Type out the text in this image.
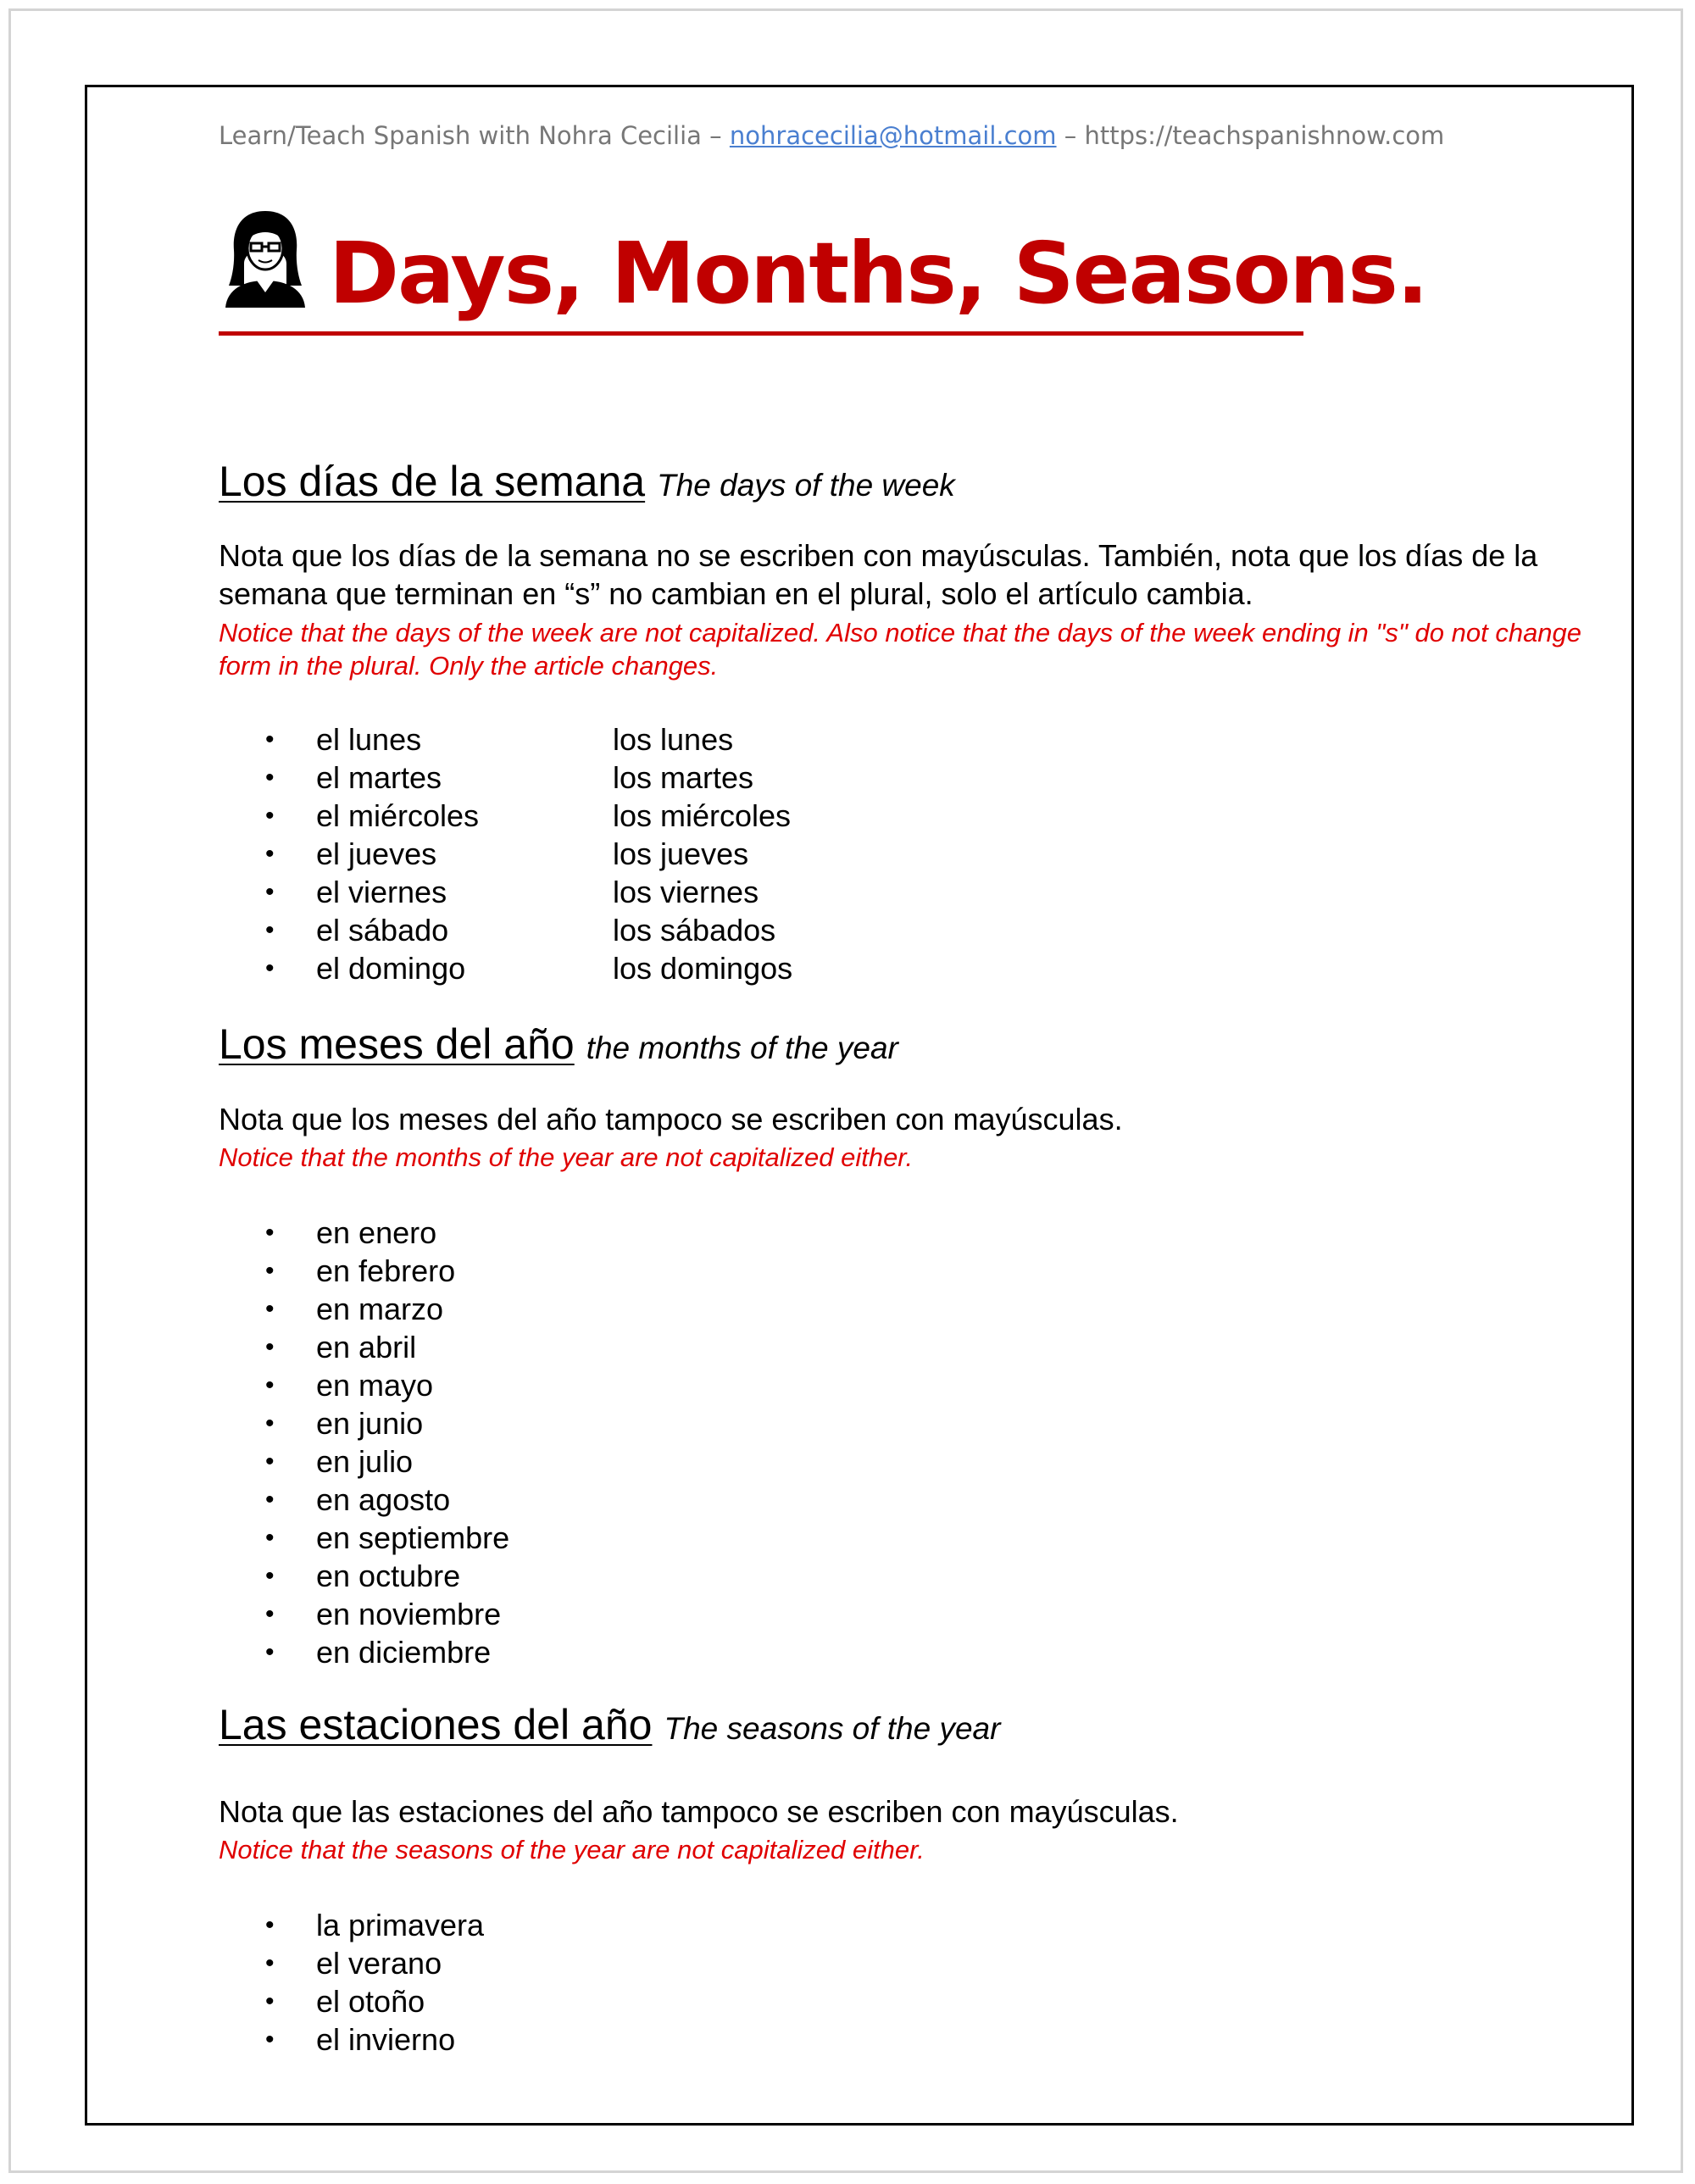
Learn/Teach Spanish with Nohra Cecilia – nohracecilia@hotmail.com – https://teachspanishnow.com
Days, Months, Seasons.
Los días de la semana The days of the week
Nota que los días de la semana no se escriben con mayúsculas. También, nota que los días de la semana que terminan en “s” no cambian en el plural, solo el artículo cambia.
Notice that the days of the week are not capitalized. Also notice that the days of the week ending in "s" do not change form in the plural. Only the article changes.
• el lunes	los lunes
• el martes	los martes
• el miércoles	los miércoles
• el jueves	los jueves
• el viernes	los viernes
• el sábado	los sábados
• el domingo	los domingos
Los meses del año the months of the year
Nota que los meses del año tampoco se escriben con mayúsculas.
Notice that the months of the year are not capitalized either.
• en enero
• en febrero
• en marzo
• en abril
• en mayo
• en junio
• en julio
• en agosto
• en septiembre
• en octubre
• en noviembre
• en diciembre
Las estaciones del año The seasons of the year
Nota que las estaciones del año tampoco se escriben con mayúsculas.
Notice that the seasons of the year are not capitalized either.
• la primavera
• el verano
• el otoño
• el invierno
